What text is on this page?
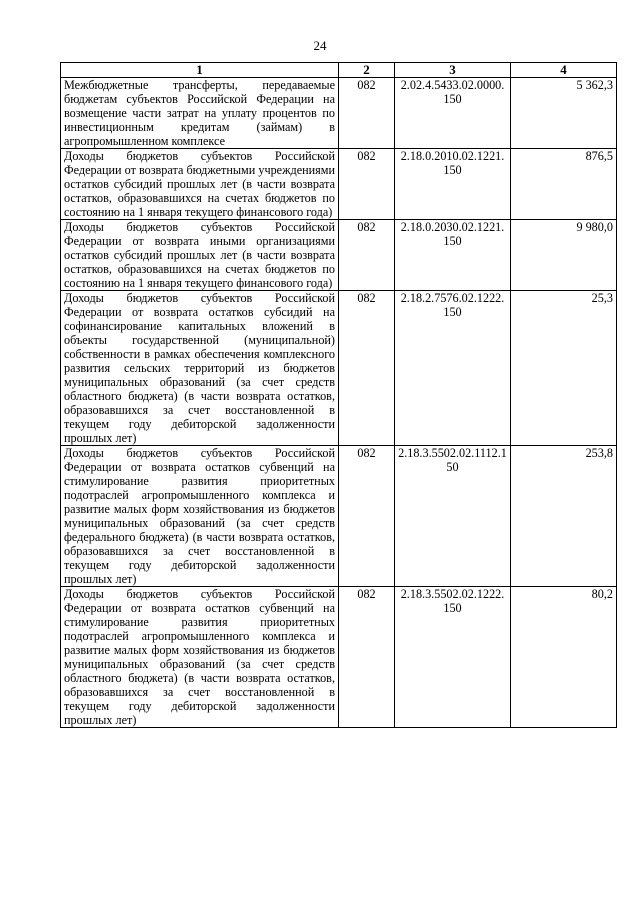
24
1	2	3	4
Межбюджетные трансферты, передаваемые бюджетам субъектов Российской Федерации на возмещение части затрат на уплату процентов по инвестиционным кредитам (займам) в агропромышленном комплексе	082	2.02.4.5433.02.0000.150	5 362,3
Доходы бюджетов субъектов Российской Федерации от возврата бюджетными учреждениями остатков субсидий прошлых лет (в части возврата остатков, образовавшихся на счетах бюджетов по состоянию на 1 января текущего финансового года)	082	2.18.0.2010.02.1221.150	876,5
Доходы бюджетов субъектов Российской Федерации от возврата иными организациями остатков субсидий прошлых лет (в части возврата остатков, образовавшихся на счетах бюджетов по состоянию на 1 января текущего финансового года)	082	2.18.0.2030.02.1221.150	9 980,0
Доходы бюджетов субъектов Российской Федерации от возврата остатков субсидий на софинансирование капитальных вложений в объекты государственной (муниципальной) собственности в рамках обеспечения комплексного развития сельских территорий из бюджетов муниципальных образований (за счет средств областного бюджета) (в части возврата остатков, образовавшихся за счет восстановленной в текущем году дебиторской задолженности прошлых лет)	082	2.18.2.7576.02.1222.150	25,3
Доходы бюджетов субъектов Российской Федерации от возврата остатков субвенций на стимулирование развития приоритетных подотраслей агропромышленного комплекса и развитие малых форм хозяйствования из бюджетов муниципальных образований (за счет средств федерального бюджета) (в части возврата остатков, образовавшихся за счет восстановленной в текущем году дебиторской задолженности прошлых лет)	082	2.18.3.5502.02.1112.150	253,8
Доходы бюджетов субъектов Российской Федерации от возврата остатков субвенций на стимулирование развития приоритетных подотраслей агропромышленного комплекса и развитие малых форм хозяйствования из бюджетов муниципальных образований (за счет средств областного бюджета) (в части возврата остатков, образовавшихся за счет восстановленной в текущем году дебиторской задолженности прошлых лет)	082	2.18.3.5502.02.1222.150	80,2
